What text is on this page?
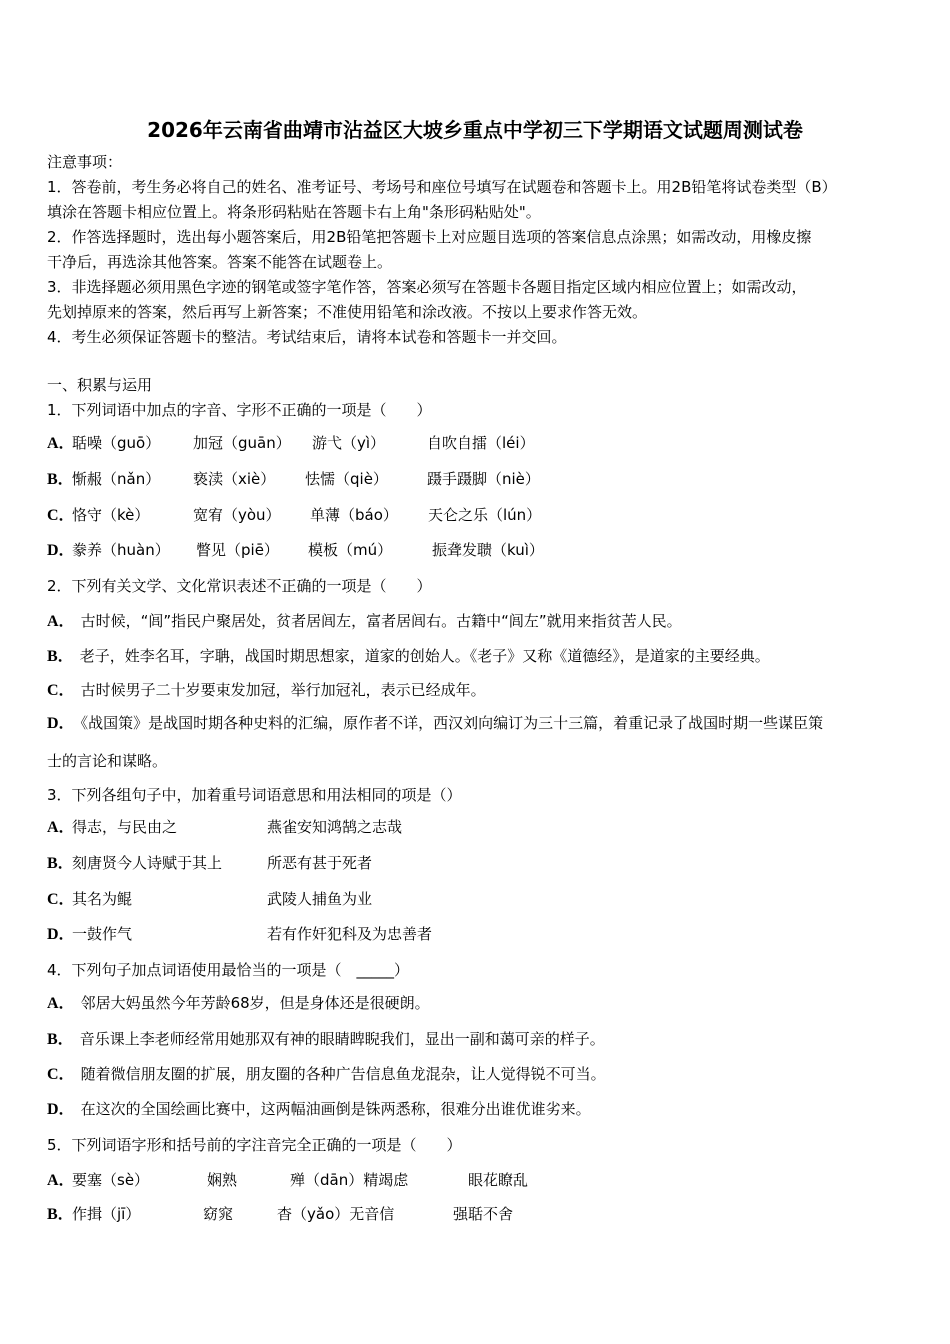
2026年云南省曲靖市沾益区大坡乡重点中学初三下学期语文试题周测试卷
注意事项：
1．答卷前，考生务必将自己的姓名、准考证号、考场号和座位号填写在试题卷和答题卡上。用2B铅笔将试卷类型（B）
填涂在答题卡相应位置上。将条形码粘贴在答题卡右上角"条形码粘贴处"。
2．作答选择题时，选出每小题答案后，用2B铅笔把答题卡上对应题目选项的答案信息点涂黑；如需改动，用橡皮擦
干净后，再选涂其他答案。答案不能答在试题卷上。
3．非选择题必须用黑色字迹的钢笔或签字笔作答，答案必须写在答题卡各题目指定区域内相应位置上；如需改动，
先划掉原来的答案，然后再写上新答案；不准使用铅笔和涂改液。不按以上要求作答无效。
4．考生必须保证答题卡的整洁。考试结束后，请将本试卷和答题卡一并交回。
一、积累与运用
1．下列词语中加点的字音、字形不正确的一项是（　　）
A．
聒噪（guō） 加冠（guān） 游弋（yì）	自吹自擂（léi）
B．
惭赧（nǎn） 亵渎（xiè） 怯懦（qiè）	蹑手蹑脚（niè）
C．
恪守（kè）	宽宥（yòu） 单薄（báo） 天仑之乐（lún）
D．
豢养（huàn） 瞥见（piē） 模板（mú）	振聋发聩（kuì）
2．下列有关文学、文化常识表述不正确的一项是（　　）
A． 古时候，“闾”指民户聚居处，贫者居闾左，富者居闾右。古籍中“闾左”就用来指贫苦人民。
B． 老子，姓李名耳，字聃，战国时期思想家，道家的创始人。《老子》又称《道德经》，是道家的主要经典。
C． 古时候男子二十岁要束发加冠，举行加冠礼，表示已经成年。
D． 《战国策》是战国时期各种史料的汇编，原作者不详，西汉刘向编订为三十三篇，着重记录了战国时期一些谋臣策
士的言论和谋略。
3．下列各组句子中，加着重号词语意思和用法相同的项是（）
A．
得志，与民由之	燕雀安知鸿鹄之志哉
B．
刻唐贤今人诗赋于其上	所恶有甚于死者
C．
其名为鲲	武陵人捕鱼为业
D．
一鼓作气	若有作奸犯科及为忠善者
4．下列句子加点词语使用最恰当的一项是（　_____）
A． 邻居大妈虽然今年芳龄68岁，但是身体还是很硬朗。
B． 音乐课上李老师经常用她那双有神的眼睛睥睨我们，显出一副和蔼可亲的样子。
C． 随着微信朋友圈的扩展，朋友圈的各种广告信息鱼龙混杂，让人觉得锐不可当。
D． 在这次的全国绘画比赛中，这两幅油画倒是铢两悉称，很难分出谁优谁劣来。
5．下列词语字形和括号前的字注音完全正确的一项是（　　）
A．
要塞（sè）	娴熟	殚（dān）精竭虑	眼花瞭乱
B．
作揖（jī）	窈窕	杳（yǎo）无音信	强聒不舍
